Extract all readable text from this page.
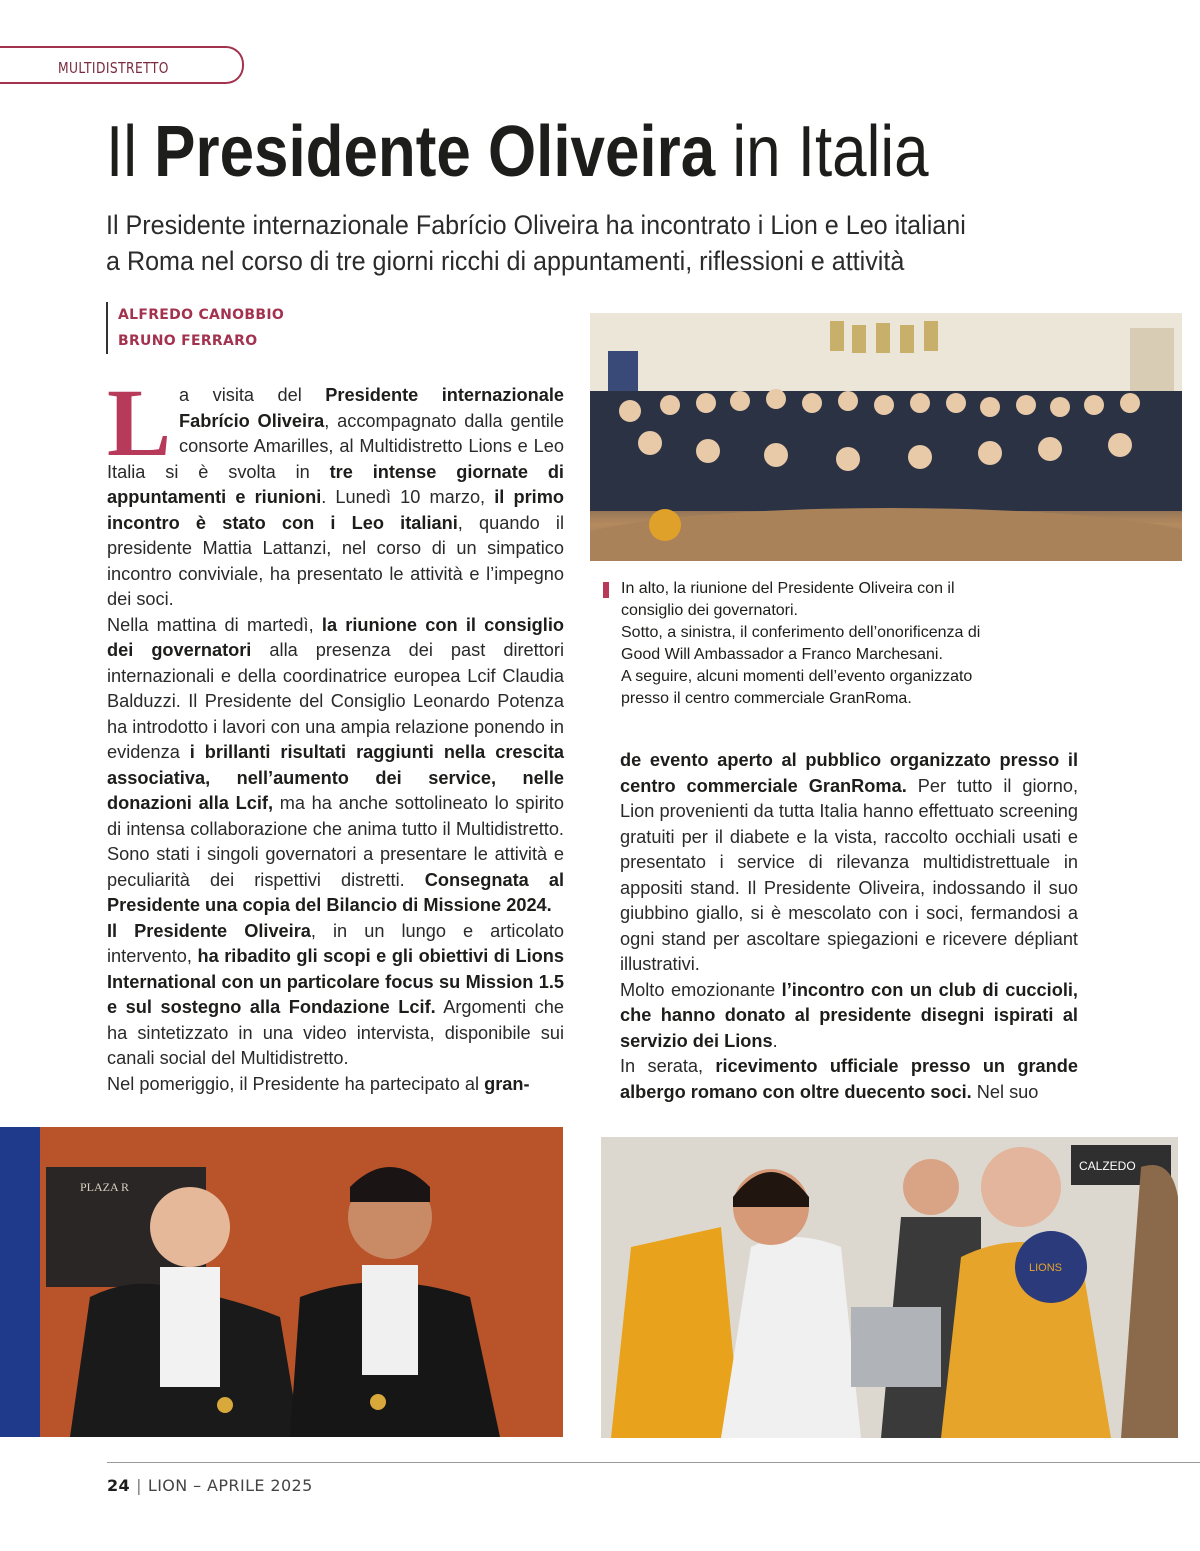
MULTIDISTRETTO
Il Presidente Oliveira in Italia
Il Presidente internazionale Fabrício Oliveira ha incontrato i Lion e Leo italiani
a Roma nel corso di tre giorni ricchi di appuntamenti, riflessioni e attività
ALFREDO CANOBBIO
BRUNO FERRARO

La visita del Presidente internazionale Fabrício Oliveira, accompagnato dalla gentile consorte Amarilles, al Multidistretto Lions e Leo Italia si è svolta in tre intense giornate di appuntamenti e riunioni. Lunedì 10 marzo, il primo incontro è stato con i Leo italiani, quando il presidente Mattia Lattanzi, nel corso di un simpatico incontro conviviale, ha presentato le attività e l’impegno dei soci.

Nella mattina di martedì, la riunione con il consiglio dei governatori alla presenza dei past direttori internazionali e della coordinatrice europea Lcif Claudia Balduzzi. Il Presidente del Consiglio Leonardo Potenza ha introdotto i lavori con una ampia relazione ponendo in evidenza i brillanti risultati raggiunti nella crescita associativa, nell’aumento dei service, nelle donazioni alla Lcif, ma ha anche sottolineato lo spirito di intensa collaborazione che anima tutto il Multidistretto. Sono stati i singoli governatori a presentare le attività e peculiarità dei rispettivi distretti. Consegnata al Presidente una copia del Bilancio di Missione 2024.

Il Presidente Oliveira, in un lungo e articolato intervento, ha ribadito gli scopi e gli obiettivi di Lions International con un particolare focus su Mission 1.5 e sul sostegno alla Fondazione Lcif. Argomenti che ha sintetizzato in una video intervista, disponibile sui canali social del Multidistretto.

Nel pomeriggio, il Presidente ha partecipato al gran-

In alto, la riunione del Presidente Oliveira con il
consiglio dei governatori.
Sotto, a sinistra, il conferimento dell’onorificenza di
Good Will Ambassador a Franco Marchesani.
A seguire, alcuni momenti dell’evento organizzato
presso il centro commerciale GranRoma.

de evento aperto al pubblico organizzato presso il centro commerciale GranRoma. Per tutto il giorno, Lion provenienti da tutta Italia hanno effettuato screening gratuiti per il diabete e la vista, raccolto occhiali usati e presentato i service di rilevanza multidistrettuale in appositi stand. Il Presidente Oliveira, indossando il suo giubbino giallo, si è mescolato con i soci, fermandosi a ogni stand per ascoltare spiegazioni e ricevere dépliant illustrativi.

Molto emozionante l’incontro con un club di cuccioli, che hanno donato al presidente disegni ispirati al servizio dei Lions.

In serata, ricevimento ufficiale presso un grande albergo romano con oltre duecento soci. Nel suo

PLAZA R
CALZEDO
LIONS
24 | LION – APRILE 2025
